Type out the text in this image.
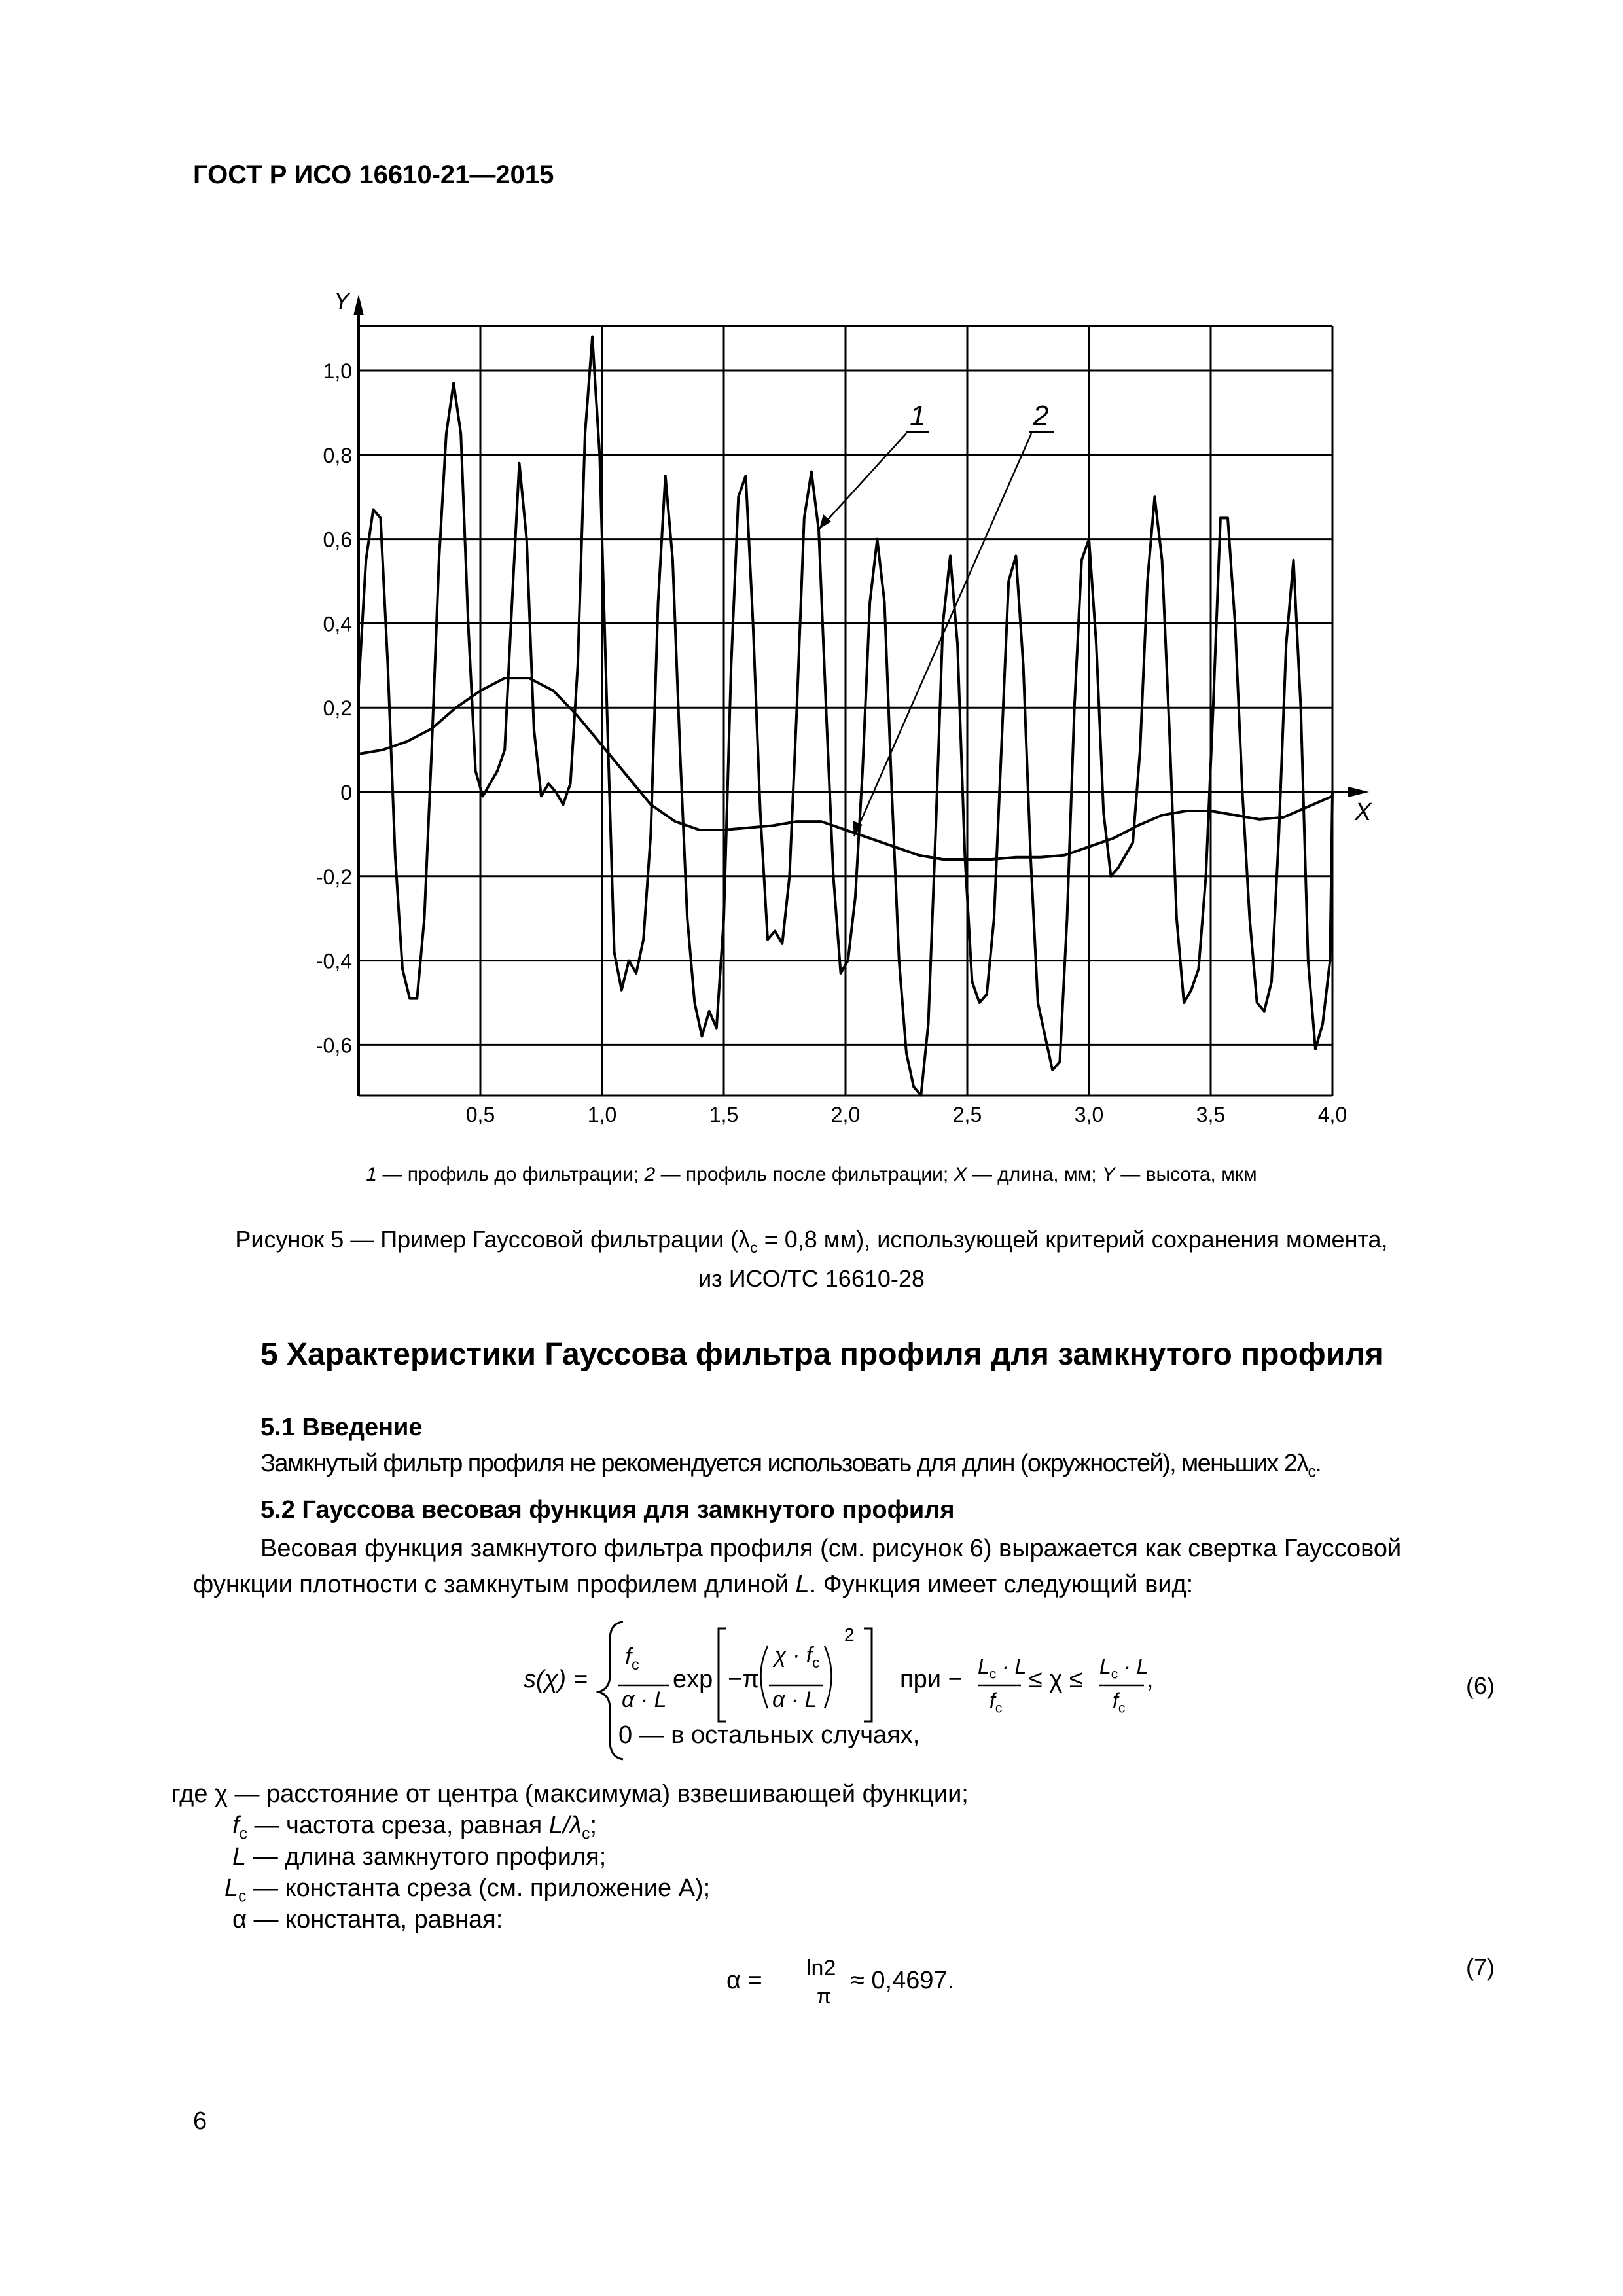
ГОСТ Р ИСО 16610-21—2015
Y
X
1,0
0,8
0,6
0,4
0,2
0
-0,2
-0,4
-0,6
0,5	1,0	1,5	2,0	2,5	3,0	3,5	4,0
1	2
1 — профиль до фильтрации; 2 — профиль после фильтрации; X — длина, мм; Y — высота, мкм
Рисунок 5 — Пример Гауссовой фильтрации ($\lambda_c = 0,8$ мм), использующей критерий сохранения момента,
из ИСО/ТС 16610-28
5 Характеристики Гауссова фильтра профиля для замкнутого профиля
5.1 Введение
Замкнутый фильтр профиля не рекомендуется использовать для длин (окружностей), меньших $2\lambda_c$.
5.2 Гауссова весовая функция для замкнутого профиля
Весовая функция замкнутого фильтра профиля (см. рисунок 6) выражается как свертка Гауссовой
функции плотности с замкнутым профилем длиной L. Функция имеет следующий вид:
s(χ) =
$f_c$
α · L
exp −π
$\chi \cdot f_c$
α · L
2
при − $L_c \cdot L$
$f_c$
≤ $\chi \le L_c \cdot L$
$f_c$
,
0 — в остальных случаях,
(6)
где χ — расстояние от центра (максимума) взвешивающей функции;
$f_c$ — частота среза, равная $L/\lambda_c$;
L — длина замкнутого профиля;
$L_c$ — константа среза (см. приложение А);
α — константа, равная:
α = ln2
π
≈ 0,4697.	(7)
6
